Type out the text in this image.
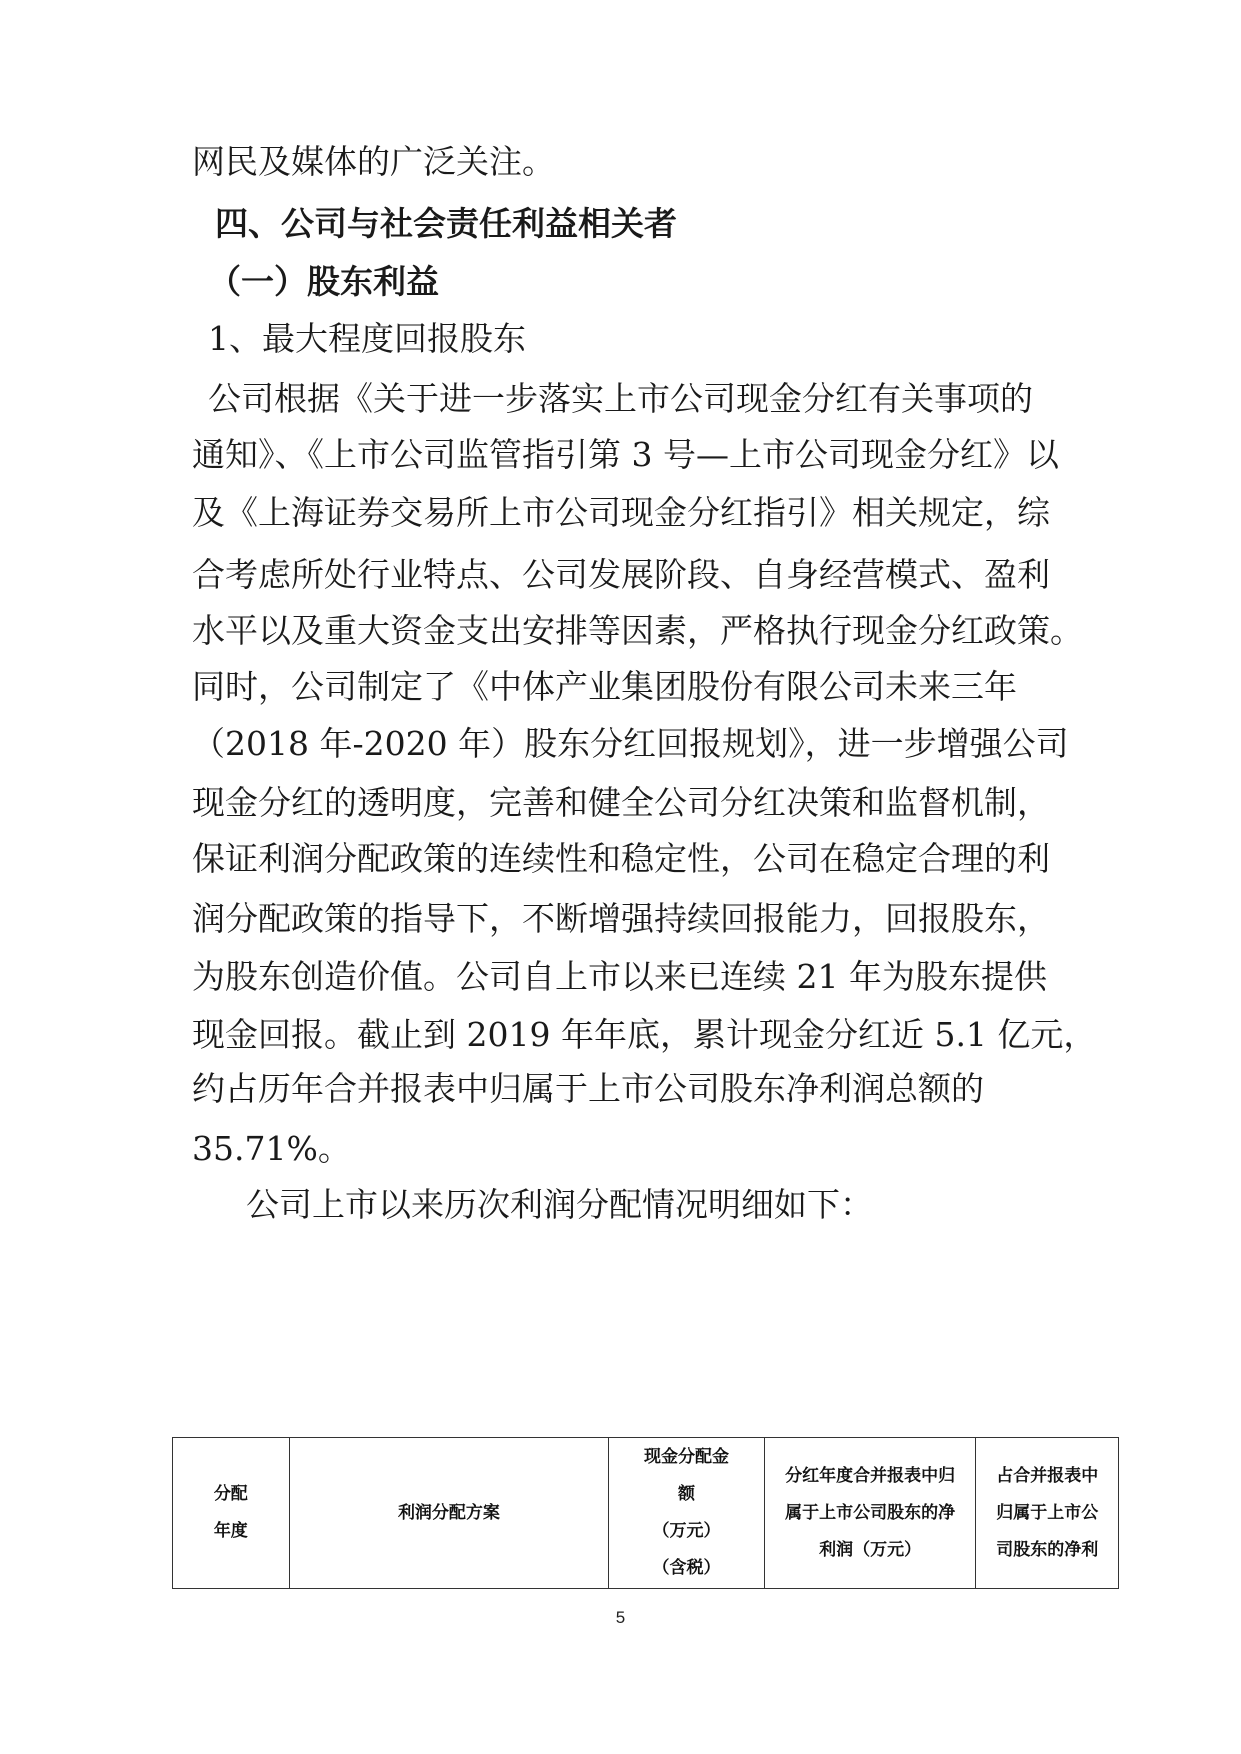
网民及媒体的广泛关注。
四、公司与社会责任利益相关者
（一）股东利益
1、最大程度回报股东
公司根据《关于进一步落实上市公司现金分红有关事项的
通知》、《上市公司监管指引第 3 号—上市公司现金分红》以
及《上海证券交易所上市公司现金分红指引》相关规定，综
合考虑所处行业特点、公司发展阶段、自身经营模式、盈利
水平以及重大资金支出安排等因素，严格执行现金分红政策。
同时，公司制定了《中体产业集团股份有限公司未来三年
（2018 年-2020 年）股东分红回报规划》，进一步增强公司
现金分红的透明度，完善和健全公司分红决策和监督机制，
保证利润分配政策的连续性和稳定性，公司在稳定合理的利
润分配政策的指导下，不断增强持续回报能力，回报股东，
为股东创造价值。公司自上市以来已连续 21 年为股东提供
现金回报。截止到 2019 年年底，累计现金分红近 5.1 亿元，
约占历年合并报表中归属于上市公司股东净利润总额的
35.71%。
公司上市以来历次利润分配情况明细如下：
分配
年度

利润分配方案

现金分配金
额
（万元）
（含税）

分红年度合并报表中归
属于上市公司股东的净
利润（万元）

占合并报表中
归属于上市公
司股东的净利
5
